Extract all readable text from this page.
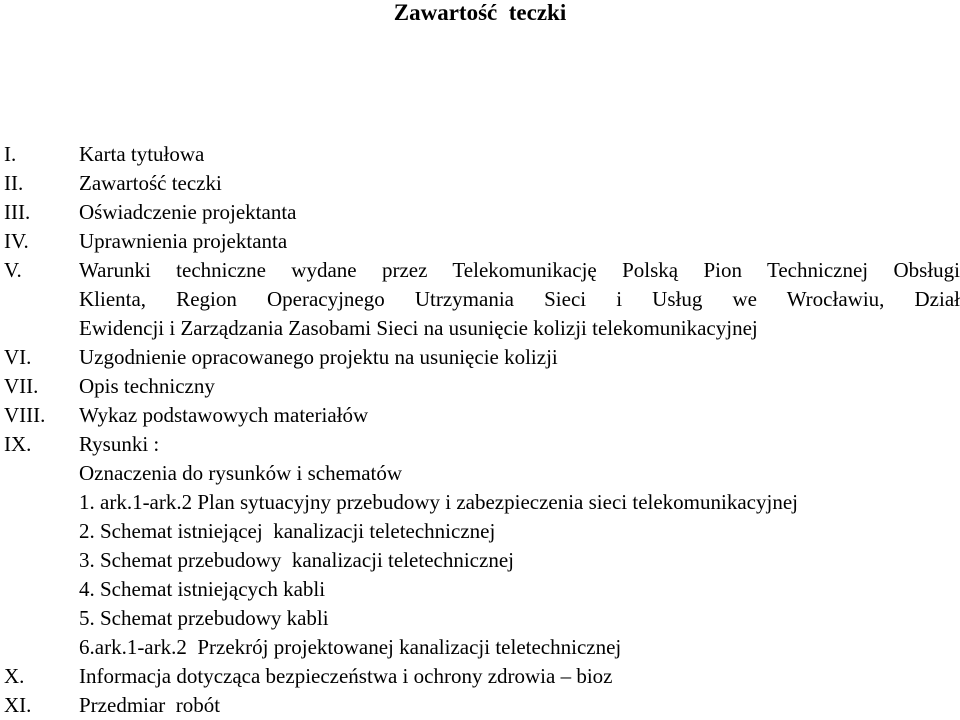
Zawartość  teczki
I.	Karta tytułowa
II.	Zawartość teczki
III. Oświadczenie projektanta
IV. Uprawnienia projektanta
V.	Warunki techniczne wydane przez Telekomunikację Polską Pion Technicznej Obsługi
Klienta, Region Operacyjnego Utrzymania Sieci i Usług we Wrocławiu, Dział
Ewidencji i Zarządzania Zasobami Sieci na usunięcie kolizji telekomunikacyjnej
VI. Uzgodnienie opracowanego projektu na usunięcie kolizji
VII. Opis techniczny
VIII. Wykaz podstawowych materiałów
IX. Rysunki :
Oznaczenia do rysunków i schematów
1. ark.1-ark.2 Plan sytuacyjny przebudowy i zabezpieczenia sieci telekomunikacyjnej
2. Schemat istniejącej  kanalizacji teletechnicznej
3. Schemat przebudowy  kanalizacji teletechnicznej
4. Schemat istniejących kabli
5. Schemat przebudowy kabli
6.ark.1-ark.2  Przekrój projektowanej kanalizacji teletechnicznej
X.	Informacja dotycząca bezpieczeństwa i ochrony zdrowia – bioz
XI. Przedmiar  robót
